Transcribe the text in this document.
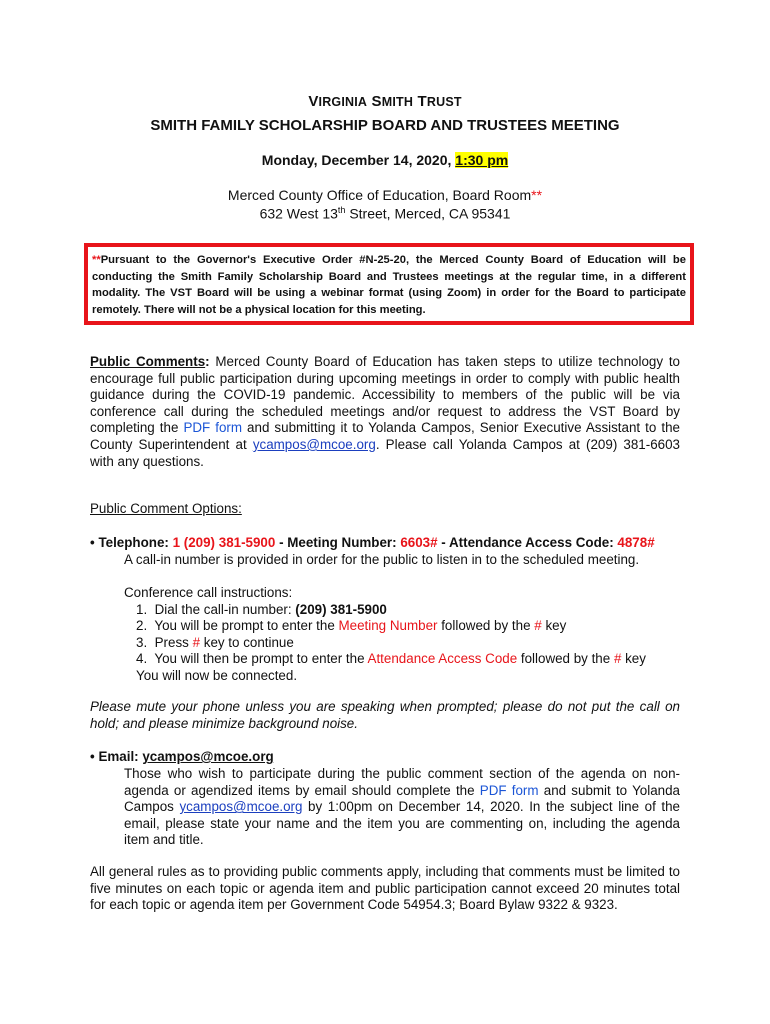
VIRGINIA SMITH TRUST
SMITH FAMILY SCHOLARSHIP BOARD AND TRUSTEES MEETING
Monday, December 14, 2020, 1:30 pm
Merced County Office of Education, Board Room**
632 West 13th Street, Merced, CA 95341
**Pursuant to the Governor's Executive Order #N-25-20, the Merced County Board of Education will be conducting the Smith Family Scholarship Board and Trustees meetings at the regular time, in a different modality. The VST Board will be using a webinar format (using Zoom) in order for the Board to participate remotely. There will not be a physical location for this meeting.
Public Comments: Merced County Board of Education has taken steps to utilize technology to encourage full public participation during upcoming meetings in order to comply with public health guidance during the COVID-19 pandemic. Accessibility to members of the public will be via conference call during the scheduled meetings and/or request to address the VST Board by completing the PDF form and submitting it to Yolanda Campos, Senior Executive Assistant to the County Superintendent at ycampos@mcoe.org. Please call Yolanda Campos at (209) 381-6603 with any questions.
Public Comment Options:
• Telephone: 1 (209) 381-5900 - Meeting Number: 6603# - Attendance Access Code: 4878#
A call-in number is provided in order for the public to listen in to the scheduled meeting.
Conference call instructions:
1. Dial the call-in number: (209) 381-5900
2. You will be prompt to enter the Meeting Number followed by the # key
3. Press # key to continue
4. You will then be prompt to enter the Attendance Access Code followed by the # key
You will now be connected.
Please mute your phone unless you are speaking when prompted; please do not put the call on hold; and please minimize background noise.
• Email: ycampos@mcoe.org
Those who wish to participate during the public comment section of the agenda on non-agenda or agendized items by email should complete the PDF form and submit to Yolanda Campos ycampos@mcoe.org by 1:00pm on December 14, 2020. In the subject line of the email, please state your name and the item you are commenting on, including the agenda item and title.
All general rules as to providing public comments apply, including that comments must be limited to five minutes on each topic or agenda item and public participation cannot exceed 20 minutes total for each topic or agenda item per Government Code 54954.3; Board Bylaw 9322 & 9323.
